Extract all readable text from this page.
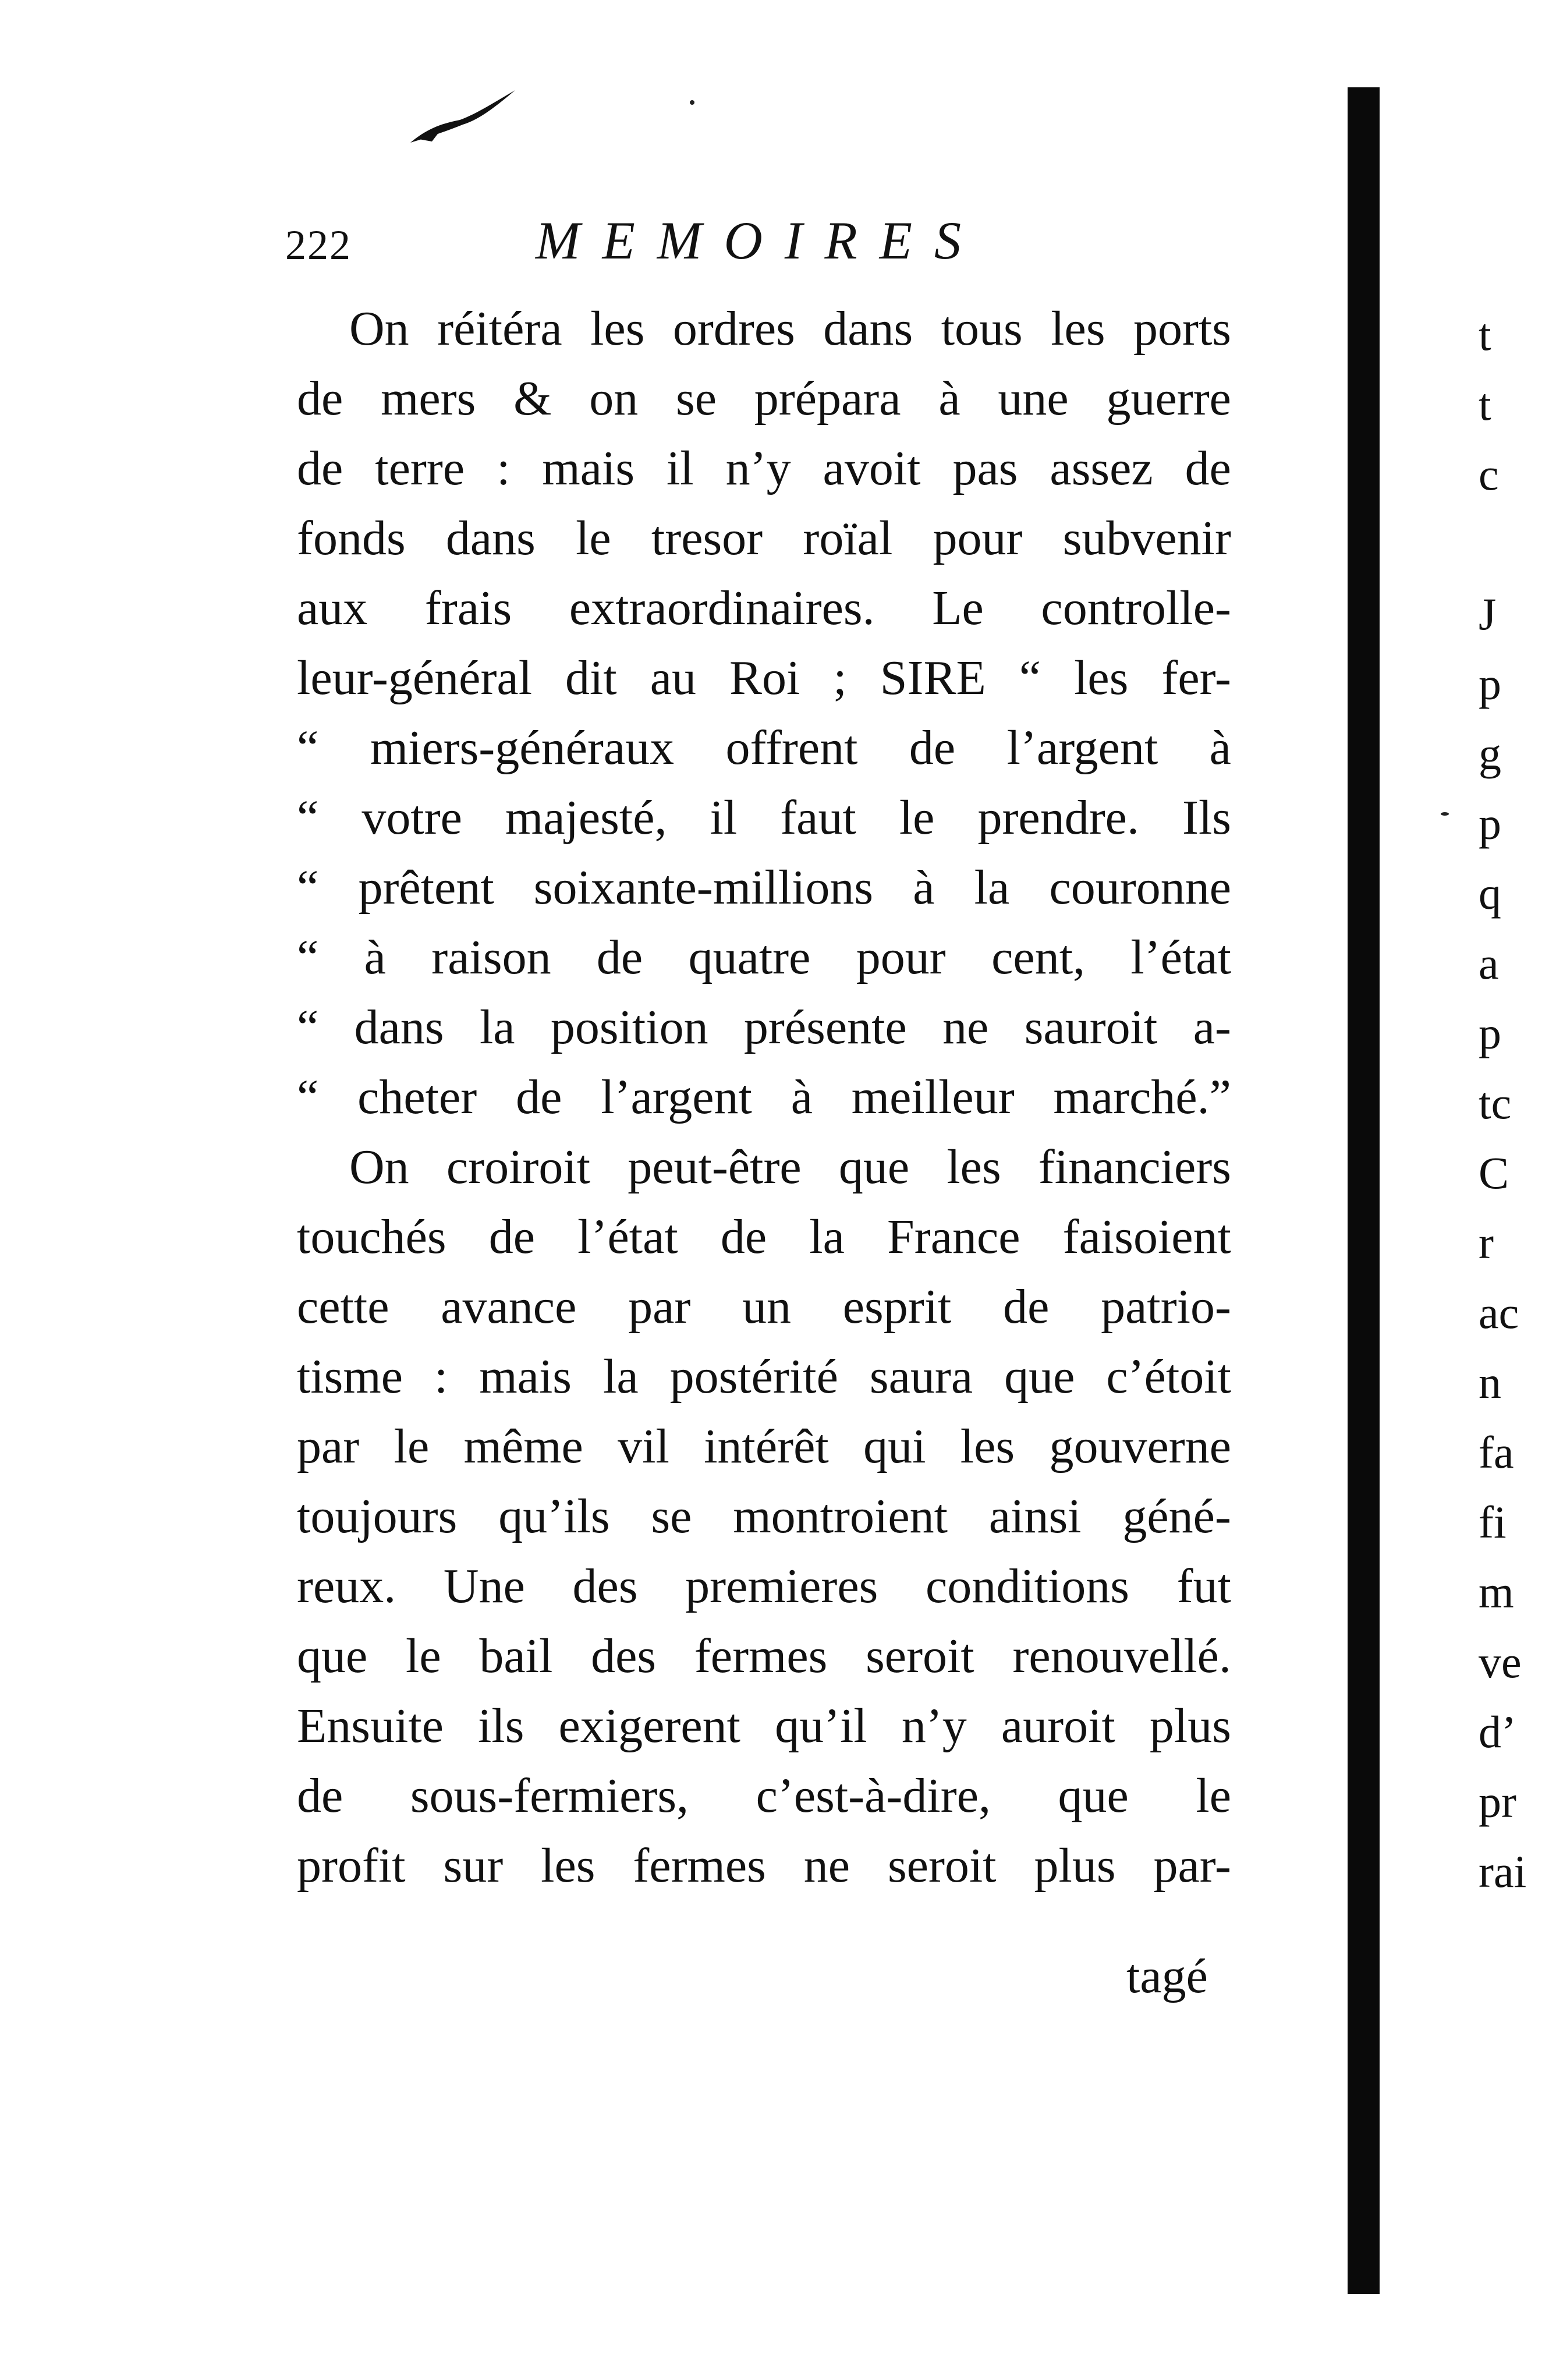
222	MEMOIRES
On réitéra les ordres dans tous les ports
de mers & on se prépara à une guerre
de terre : mais il n’y avoit pas assez de
fonds dans le tresor roïal pour subvenir
aux frais extraordinaires. Le controlle-
leur-général dit au Roi ; SIRE “ les fer-
“ miers-généraux offrent de l’argent à
“ votre majesté, il faut le prendre. Ils
“ prêtent soixante-millions à la couronne
“ à raison de quatre pour cent, l’état
“ dans la position présente ne sauroit a-
“ cheter de l’argent à meilleur marché.”
On croiroit peut-être que les financiers
touchés de l’état de la France faisoient
cette avance par un esprit de patrio-
tisme : mais la postérité saura que c’étoit
par le même vil intérêt qui les gouverne
toujours qu’ils se montroient ainsi géné-
reux. Une des premieres conditions fut
que le bail des fermes seroit renouvellé.
Ensuite ils exigerent qu’il n’y auroit plus
de sous-fermiers, c’est-à-dire, que le
profit sur les fermes ne seroit plus par-
tagé
t
t
c
J
p
g
p
q
a
p
tc
C
r
ac
n
fa
fi
m
ve
d’
pr
rai
